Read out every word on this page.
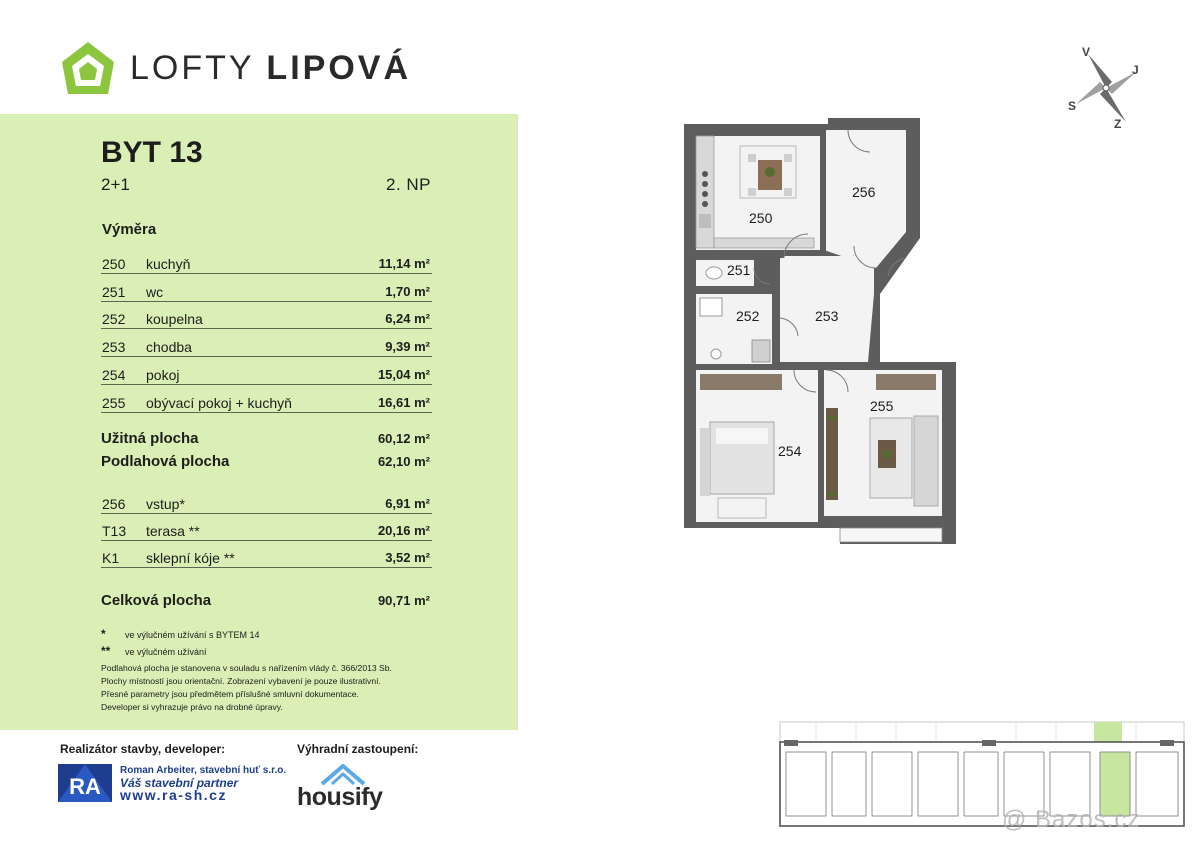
LOFTY LIPOVÁ
BYT 13
2+1	2. NP
Výměra
250 kuchyň	11,14 m²
251 wc	1,70 m²
252 koupelna	6,24 m²
253 chodba	9,39 m²
254 pokoj	15,04 m²
255 obývací pokoj + kuchyň	16,61 m²
Užitná plocha	60,12 m²
Podlahová plocha	62,10 m²
256 vstup*	6,91 m²
T13 terasa **	20,16 m²
K1 sklepní kóje **	3,52 m²
Celková plocha	90,71 m²
* ve výlučném užívání s BYTEM 14
** ve výlučném užívání
Podlahová plocha je stanovena v souladu s nařízením vlády č. 366/2013 Sb.
Plochy místností jsou orientační. Zobrazení vybavení je pouze ilustrativní.
Přesné parametry jsou předmětem příslušné smluvní dokumentace.
Developer si vyhrazuje právo na drobné úpravy.
Realizátor stavby, developer:	Výhradní zastoupení:
RA
Roman Arbeiter, stavební huť s.r.o.
Váš stavební partner
www.ra-sh.cz	housify
V
J
S
Z
250
256
251
252	253
254
255
@ Bazos.cz
